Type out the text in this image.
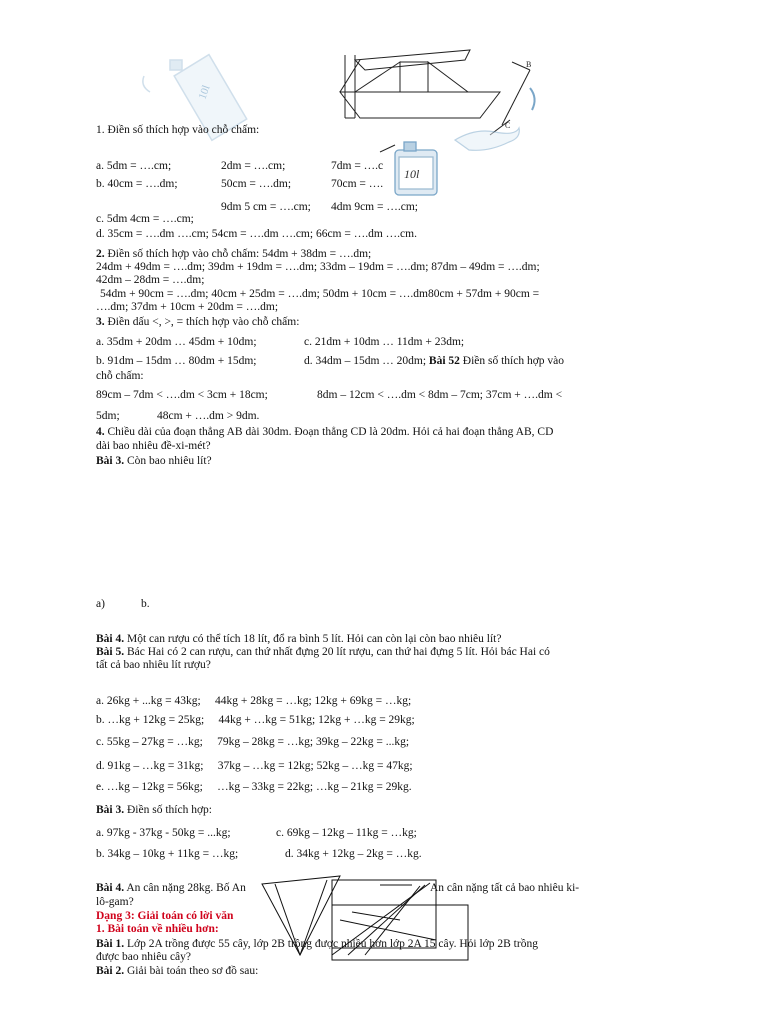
B
C
10l
10l
1. Điền số thích hợp vào chỗ chấm:
a. 5dm = ….cm;	2dm = ….cm;	7dm = ….c
b. 40cm = ….dm;	50cm = ….dm;	70cm = ….
9dm 5 cm = ….cm; 4dm 9cm = ….cm;
c. 5dm 4cm = ….cm;
d. 35cm = ….dm ….cm; 54cm = ….dm ….cm; 66cm = ….dm ….cm.
2. Điền số thích hợp vào chỗ chấm: 54dm + 38dm = ….dm;
24dm + 49dm = ….dm; 39dm + 19dm = ….dm; 33dm – 19dm = ….dm; 87dm – 49dm = ….dm;
42dm – 28dm = ….dm;
54dm + 90cm = ….dm; 40cm + 25dm = ….dm; 50dm + 10cm = ….dm80cm + 57dm + 90cm =
….dm; 37dm + 10cm + 20dm = ….dm;
3. Điền dấu <, >, = thích hợp vào chỗ chấm:
a. 35dm + 20dm … 45dm + 10dm;	c. 21dm + 10dm … 11dm + 23dm;
b. 91dm – 15dm … 80dm + 15dm;	d. 34dm – 15dm … 20dm; Bài 52 Điền số thích hợp vào
chỗ chấm:
89cm – 7dm < ….dm < 3cm + 18cm;	8dm – 12cm < ….dm < 8dm – 7cm; 37cm + ….dm <
5dm;	48cm + ….dm > 9dm.
4. Chiều dài của đoạn thẳng AB dài 30dm. Đoạn thẳng CD là 20dm. Hỏi cả hai đoạn thẳng AB, CD
dài bao nhiêu đề-xi-mét?
Bài 3. Còn bao nhiêu lít?
a)	b.
Bài 4. Một can rượu có thể tích 18 lít, đổ ra bình 5 lít. Hỏi can còn lại còn bao nhiêu lít?
Bài 5. Bác Hai có 2 can rượu, can thứ nhất đựng 20 lít rượu, can thứ hai đựng 5 lít. Hỏi bác Hai có
tất cả bao nhiêu lít rượu?
a. 26kg + ...kg = 43kg;     44kg + 28kg = …kg; 12kg + 69kg = …kg;
b. …kg + 12kg = 25kg;     44kg + …kg = 51kg; 12kg + …kg = 29kg;
c. 55kg – 27kg = …kg;     79kg – 28kg = …kg; 39kg – 22kg = ...kg;
d. 91kg – …kg = 31kg;     37kg – …kg = 12kg; 52kg – …kg = 47kg;
e. …kg – 12kg = 56kg;     …kg – 33kg = 22kg; …kg – 21kg = 29kg.
Bài 3. Điền số thích hợp:
a. 97kg - 37kg - 50kg = ...kg;	c. 69kg – 12kg – 11kg = …kg;
b. 34kg – 10kg + 11kg = …kg;	d. 34kg + 12kg – 2kg = …kg.
Bài 4. An cân nặng 28kg. Bố An	An cân nặng tất cả bao nhiêu ki-
lô-gam?
Dạng 3: Giải toán có lời văn
1. Bài toán về nhiều hơn:
Bài 1. Lớp 2A trồng được 55 cây, lớp 2B trồng được nhiều hơn lớp 2A 15 cây. Hỏi lớp 2B trồng
được bao nhiêu cây?
Bài 2. Giải bài toán theo sơ đồ sau:
